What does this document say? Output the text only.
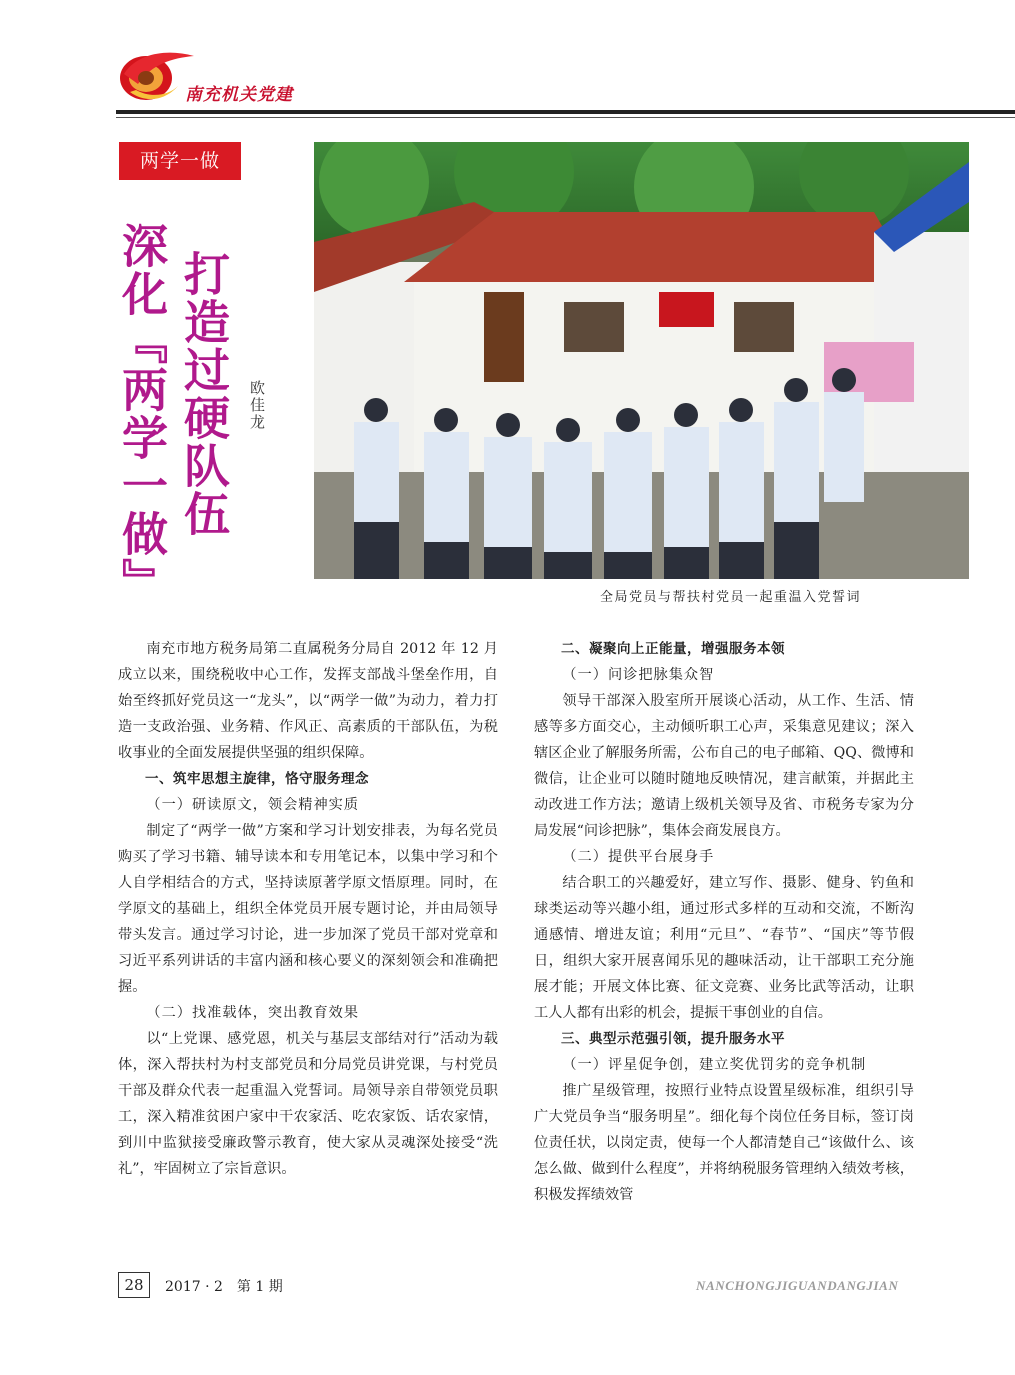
南充机关党建
两学一做
深化『两学一做』 打造过硬队伍 欧佳龙
全局党员与帮扶村党员一起重温入党誓词

南充市地方税务局第二直属税务分局自 2012 年 12 月成立以来，围绕税收中心工作，发挥支部战斗堡垒作用，自始至终抓好党员这一“龙头”，以“两学一做”为动力，着力打造一支政治强、业务精、作风正、高素质的干部队伍，为税收事业的全面发展提供坚强的组织保障。

一、筑牢思想主旋律，恪守服务理念

（一）研读原文，领会精神实质

制定了“两学一做”方案和学习计划安排表，为每名党员购买了学习书籍、辅导读本和专用笔记本，以集中学习和个人自学相结合的方式，坚持读原著学原文悟原理。同时，在学原文的基础上，组织全体党员开展专题讨论，并由局领导带头发言。通过学习讨论，进一步加深了党员干部对党章和习近平系列讲话的丰富内涵和核心要义的深刻领会和准确把握。

（二）找准载体，突出教育效果

以“上党课、感党恩，机关与基层支部结对行”活动为载体，深入帮扶村为村支部党员和分局党员讲党课，与村党员干部及群众代表一起重温入党誓词。局领导亲自带领党员职工，深入精准贫困户家中干农家活、吃农家饭、话农家情，到川中监狱接受廉政警示教育，使大家从灵魂深处接受“洗礼”，牢固树立了宗旨意识。

二、凝聚向上正能量，增强服务本领

（一）问诊把脉集众智

领导干部深入股室所开展谈心活动，从工作、生活、情感等多方面交心，主动倾听职工心声，采集意见建议；深入辖区企业了解服务所需，公布自己的电子邮箱、QQ、微博和微信，让企业可以随时随地反映情况，建言献策，并据此主动改进工作方法；邀请上级机关领导及省、市税务专家为分局发展“问诊把脉”，集体会商发展良方。

（二）提供平台展身手

结合职工的兴趣爱好，建立写作、摄影、健身、钓鱼和球类运动等兴趣小组，通过形式多样的互动和交流，不断沟通感情、增进友谊；利用“元旦”、“春节”、“国庆”等节假日，组织大家开展喜闻乐见的趣味活动，让干部职工充分施展才能；开展文体比赛、征文竞赛、业务比武等活动，让职工人人都有出彩的机会，提振干事创业的自信。

三、典型示范强引领，提升服务水平

（一）评星促争创，建立奖优罚劣的竞争机制

推广星级管理，按照行业特点设置星级标准，组织引导广大党员争当“服务明星”。细化每个岗位任务目标，签订岗位责任状，以岗定责，使每一个人都清楚自己“该做什么、该怎么做、做到什么程度”，并将纳税服务管理纳入绩效考核，积极发挥绩效管

28	2017 · 2　第 1 期	NANCHONGJIGUANDANGJIAN
